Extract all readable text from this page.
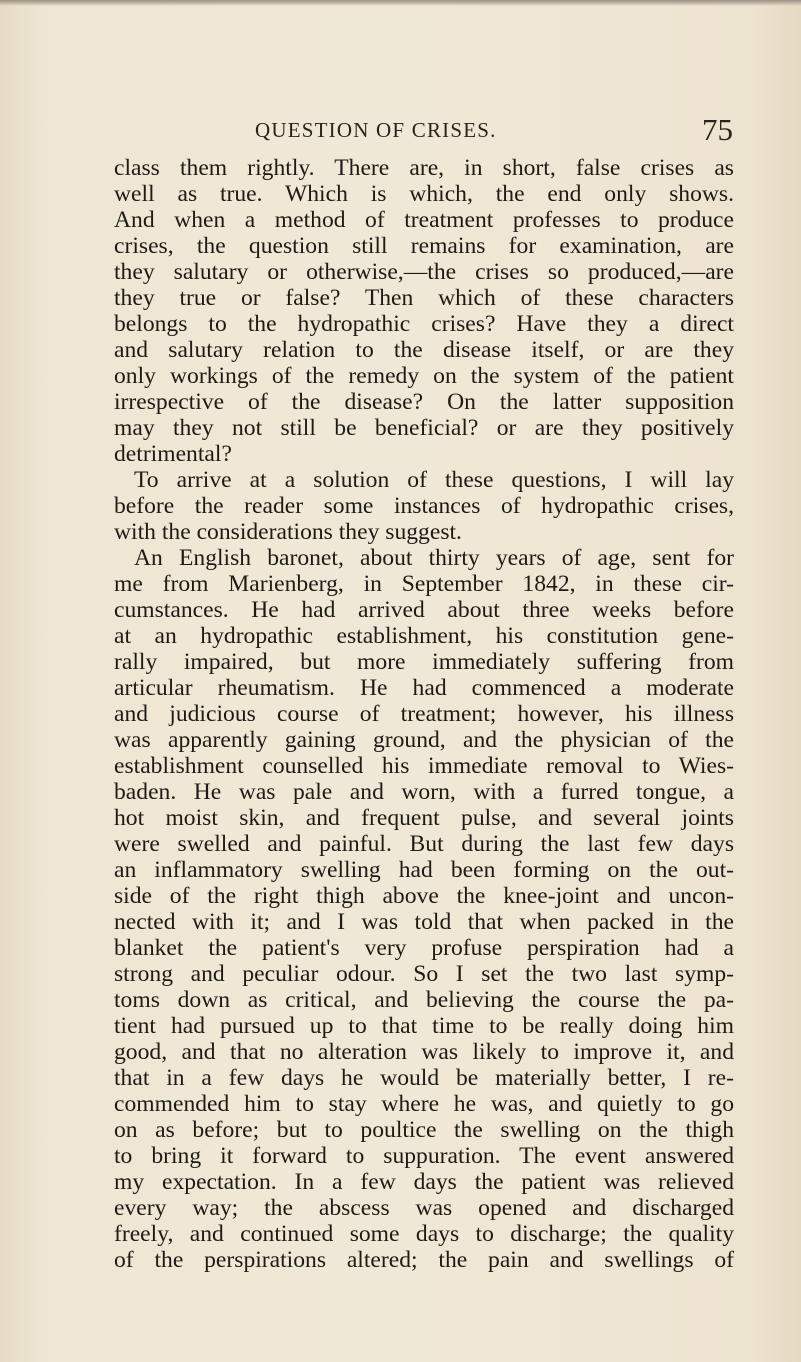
QUESTION OF CRISES.	75
class them rightly. There are, in short, false crises as
well as true. Which is which, the end only shows.
And when a method of treatment professes to produce
crises, the question still remains for examination, are
they salutary or otherwise,—the crises so produced,—are
they true or false? Then which of these characters
belongs to the hydropathic crises? Have they a direct
and salutary relation to the disease itself, or are they
only workings of the remedy on the system of the patient
irrespective of the disease? On the latter supposition
may they not still be beneficial? or are they positively
detrimental?
To arrive at a solution of these questions, I will lay
before the reader some instances of hydropathic crises,
with the considerations they suggest.
An English baronet, about thirty years of age, sent for
me from Marienberg, in September 1842, in these cir-
cumstances. He had arrived about three weeks before
at an hydropathic establishment, his constitution gene-
rally impaired, but more immediately suffering from
articular rheumatism. He had commenced a moderate
and judicious course of treatment; however, his illness
was apparently gaining ground, and the physician of the
establishment counselled his immediate removal to Wies-
baden. He was pale and worn, with a furred tongue, a
hot moist skin, and frequent pulse, and several joints
were swelled and painful. But during the last few days
an inflammatory swelling had been forming on the out-
side of the right thigh above the knee-joint and uncon-
nected with it; and I was told that when packed in the
blanket the patient's very profuse perspiration had a
strong and peculiar odour. So I set the two last symp-
toms down as critical, and believing the course the pa-
tient had pursued up to that time to be really doing him
good, and that no alteration was likely to improve it, and
that in a few days he would be materially better, I re-
commended him to stay where he was, and quietly to go
on as before; but to poultice the swelling on the thigh
to bring it forward to suppuration. The event answered
my expectation. In a few days the patient was relieved
every way; the abscess was opened and discharged
freely, and continued some days to discharge; the quality
of the perspirations altered; the pain and swellings of
